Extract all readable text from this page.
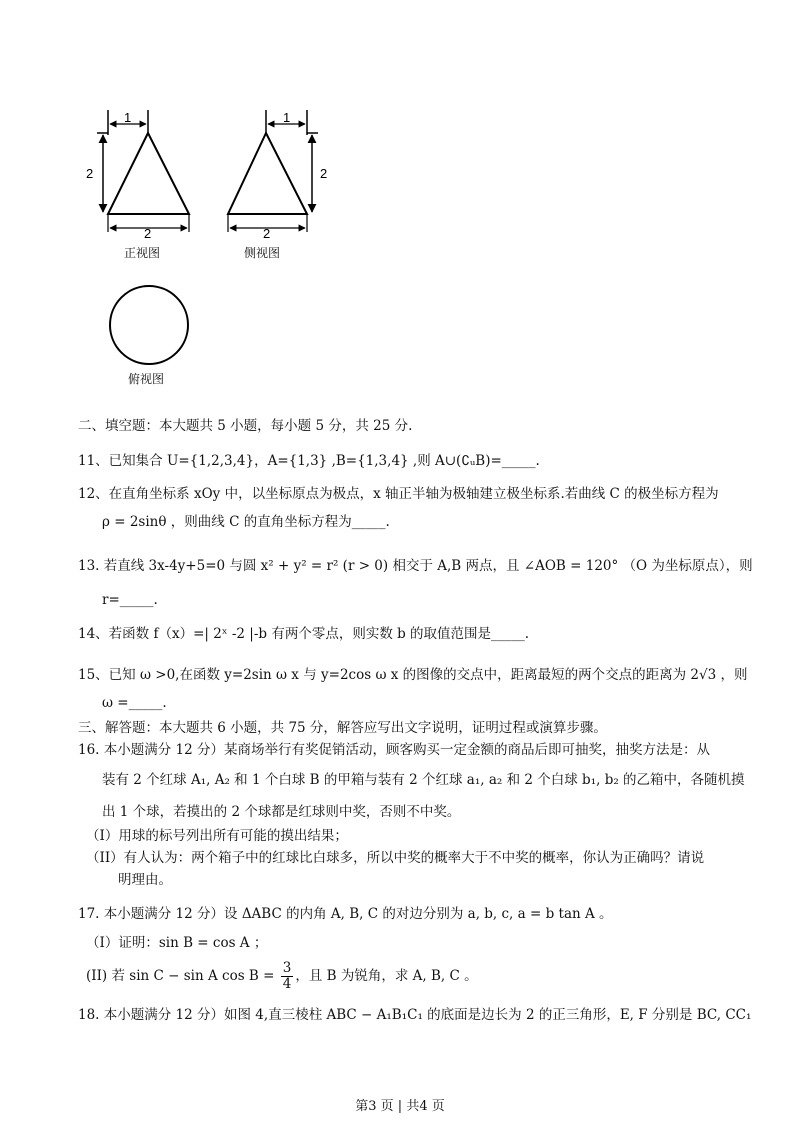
1
2
2
1
2
2
正视图	侧视图
俯视图
二、填空题：本大题共 5 小题，每小题 5 分，共 25 分.
11、已知集合 U={1,2,3,4}，A={1,3} ,B={1,3,4} ,则 A∪(∁ᵤB)=_____.
12、在直角坐标系 xOy 中，以坐标原点为极点，x 轴正半轴为极轴建立极坐标系.若曲线 C 的极坐标方程为
ρ = 2sinθ ，则曲线 C 的直角坐标方程为_____.
13. 若直线 3x-4y+5=0 与圆 x² + y² = r² (r > 0) 相交于 A,B 两点，且 ∠AOB = 120° （O 为坐标原点），则
r=_____.
14、若函数 f（x）=| 2ˣ -2 |-b 有两个零点，则实数 b 的取值范围是_____.
15、已知 ω >0,在函数 y=2sin ω x 与 y=2cos ω x 的图像的交点中，距离最短的两个交点的距离为 2√3 ，则
ω =_____.
三、解答题：本大题共 6 小题，共 75 分，解答应写出文字说明，证明过程或演算步骤。
16. 本小题满分 12 分）某商场举行有奖促销活动，顾客购买一定金额的商品后即可抽奖，抽奖方法是：从
装有 2 个红球 A₁, A₂ 和 1 个白球 B 的甲箱与装有 2 个红球 a₁, a₂ 和 2 个白球 b₁, b₂ 的乙箱中，各随机摸
出 1 个球，若摸出的 2 个球都是红球则中奖，否则不中奖。
（I）用球的标号列出所有可能的摸出结果；
（II）有人认为：两个箱子中的红球比白球多，所以中奖的概率大于不中奖的概率，你认为正确吗？请说
明理由。
17. 本小题满分 12 分）设 ΔABC 的内角 A, B, C 的对边分别为 a, b, c, a = b tan A 。
（I）证明：sin B = cos A ；
(II) 若 sin C − sin A $\cos B = \frac{3}{4}$ ，且 B 为锐角，求 A, B, C 。
18. 本小题满分 12 分）如图 4,直三棱柱 ABC − A₁B₁C₁ 的底面是边长为 2 的正三角形，E, F 分别是 BC, CC₁
第3 页 | 共4 页
